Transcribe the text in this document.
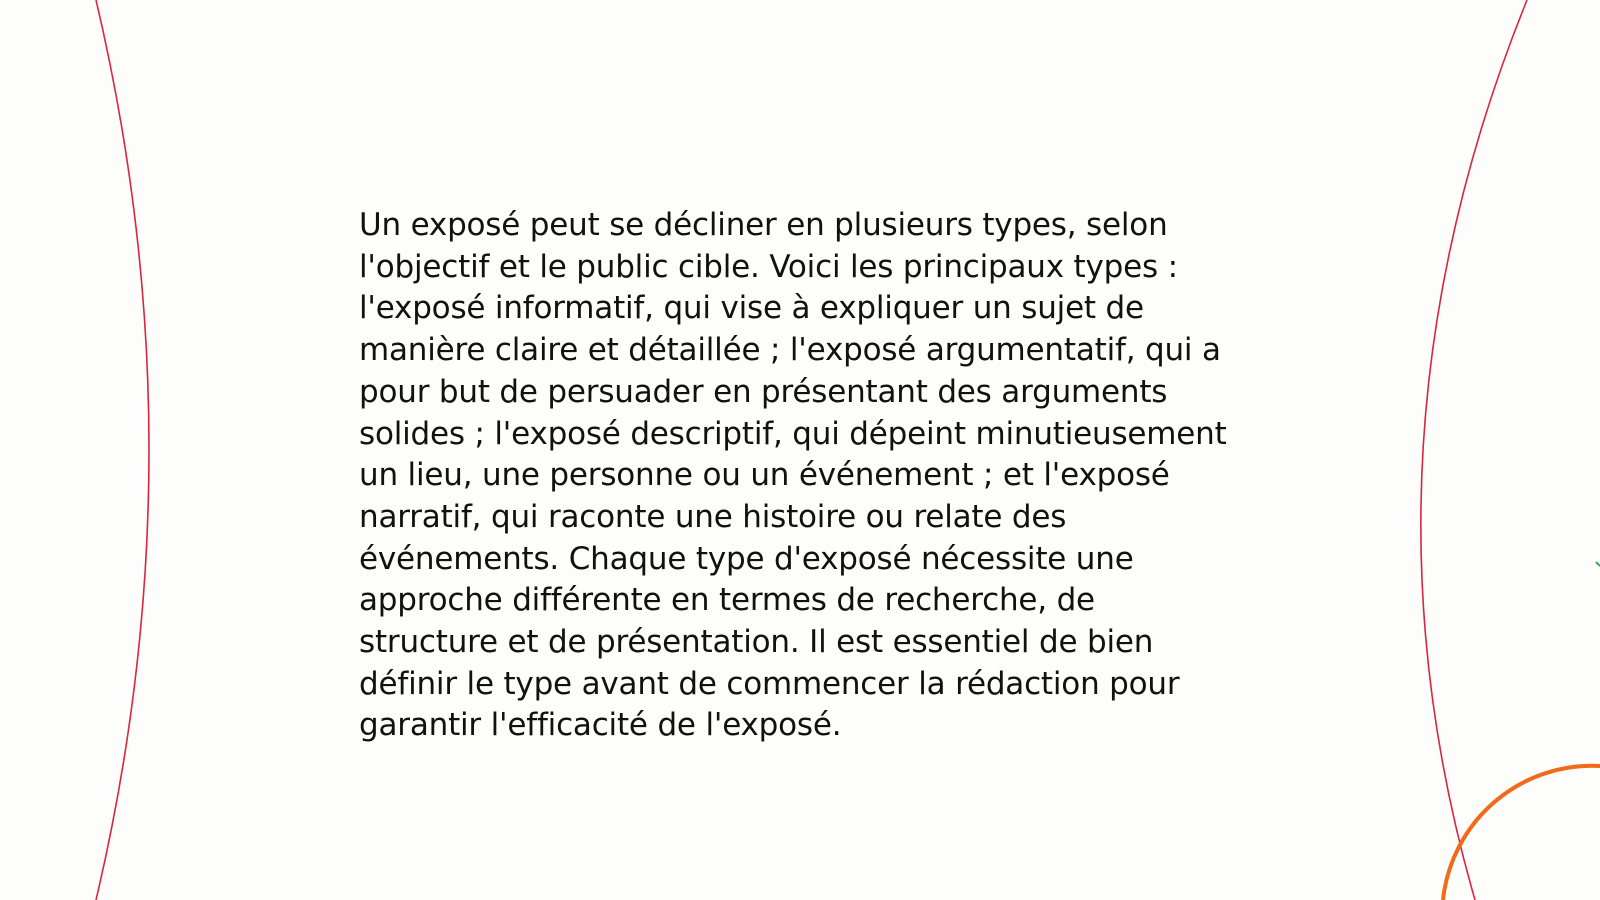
Un exposé peut se décliner en plusieurs types, selon l'objectif et le public cible. Voici les principaux types : l'exposé informatif, qui vise à expliquer un sujet de manière claire et détaillée ; l'exposé argumentatif, qui a pour but de persuader en présentant des arguments solides ; l'exposé descriptif, qui dépeint minutieusement un lieu, une personne ou un événement ; et l'exposé narratif, qui raconte une histoire ou relate des événements. Chaque type d'exposé nécessite une approche différente en termes de recherche, de structure et de présentation. Il est essentiel de bien définir le type avant de commencer la rédaction pour garantir l'efficacité de l'exposé.
